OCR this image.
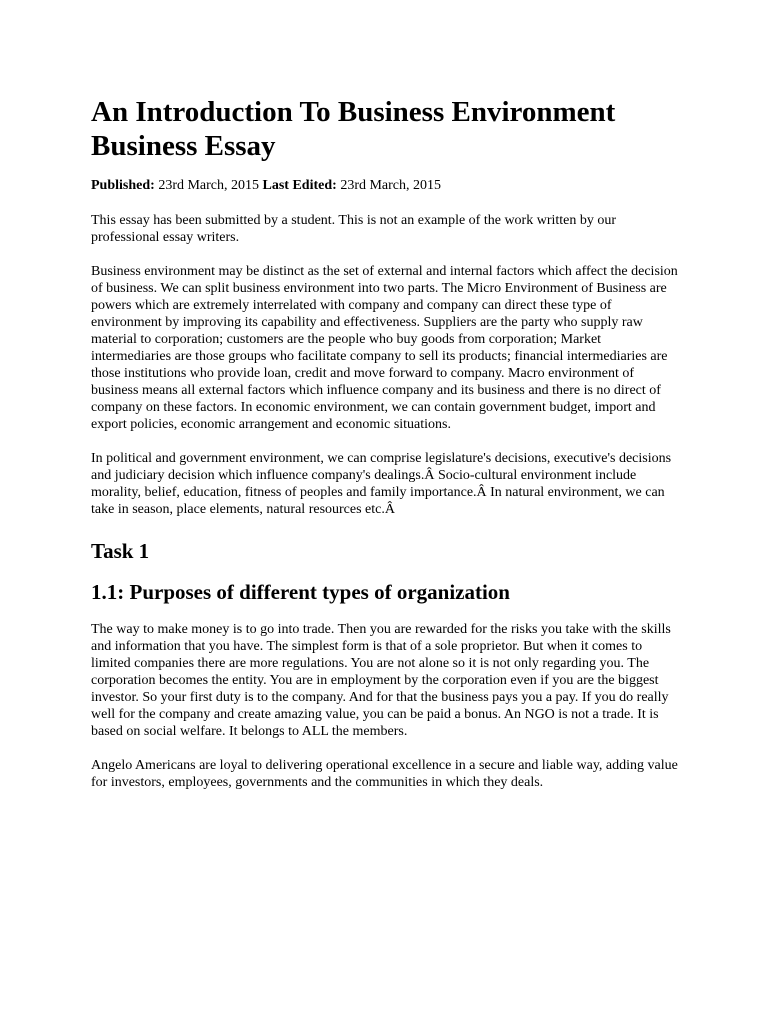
An Introduction To Business Environment Business Essay
Published: 23rd March, 2015 Last Edited: 23rd March, 2015

This essay has been submitted by a student. This is not an example of the work written by our professional essay writers.

Business environment may be distinct as the set of external and internal factors which affect the decision of business. We can split business environment into two parts. The Micro Environment of Business are powers which are extremely interrelated with company and company can direct these type of environment by improving its capability and effectiveness. Suppliers are the party who supply raw material to corporation; customers are the people who buy goods from corporation; Market intermediaries are those groups who facilitate company to sell its products; financial intermediaries are those institutions who provide loan, credit and move forward to company. Macro environment of business means all external factors which influence company and its business and there is no direct of company on these factors. In economic environment, we can contain government budget, import and export policies, economic arrangement and economic situations.

In political and government environment, we can comprise legislature's decisions, executive's decisions and judiciary decision which influence company's dealings.Â Socio-cultural environment include morality, belief, education, fitness of peoples and family importance.Â In natural environment, we can take in season, place elements, natural resources etc.Â

Task 1
1.1: Purposes of different types of organization

The way to make money is to go into trade. Then you are rewarded for the risks you take with the skills and information that you have. The simplest form is that of a sole proprietor. But when it comes to limited companies there are more regulations. You are not alone so it is not only regarding you. The corporation becomes the entity. You are in employment by the corporation even if you are the biggest investor. So your first duty is to the company. And for that the business pays you a pay. If you do really well for the company and create amazing value, you can be paid a bonus. An NGO is not a trade. It is based on social welfare. It belongs to ALL the members.

Angelo Americans are loyal to delivering operational excellence in a secure and liable way, adding value for investors, employees, governments and the communities in which they deals.
